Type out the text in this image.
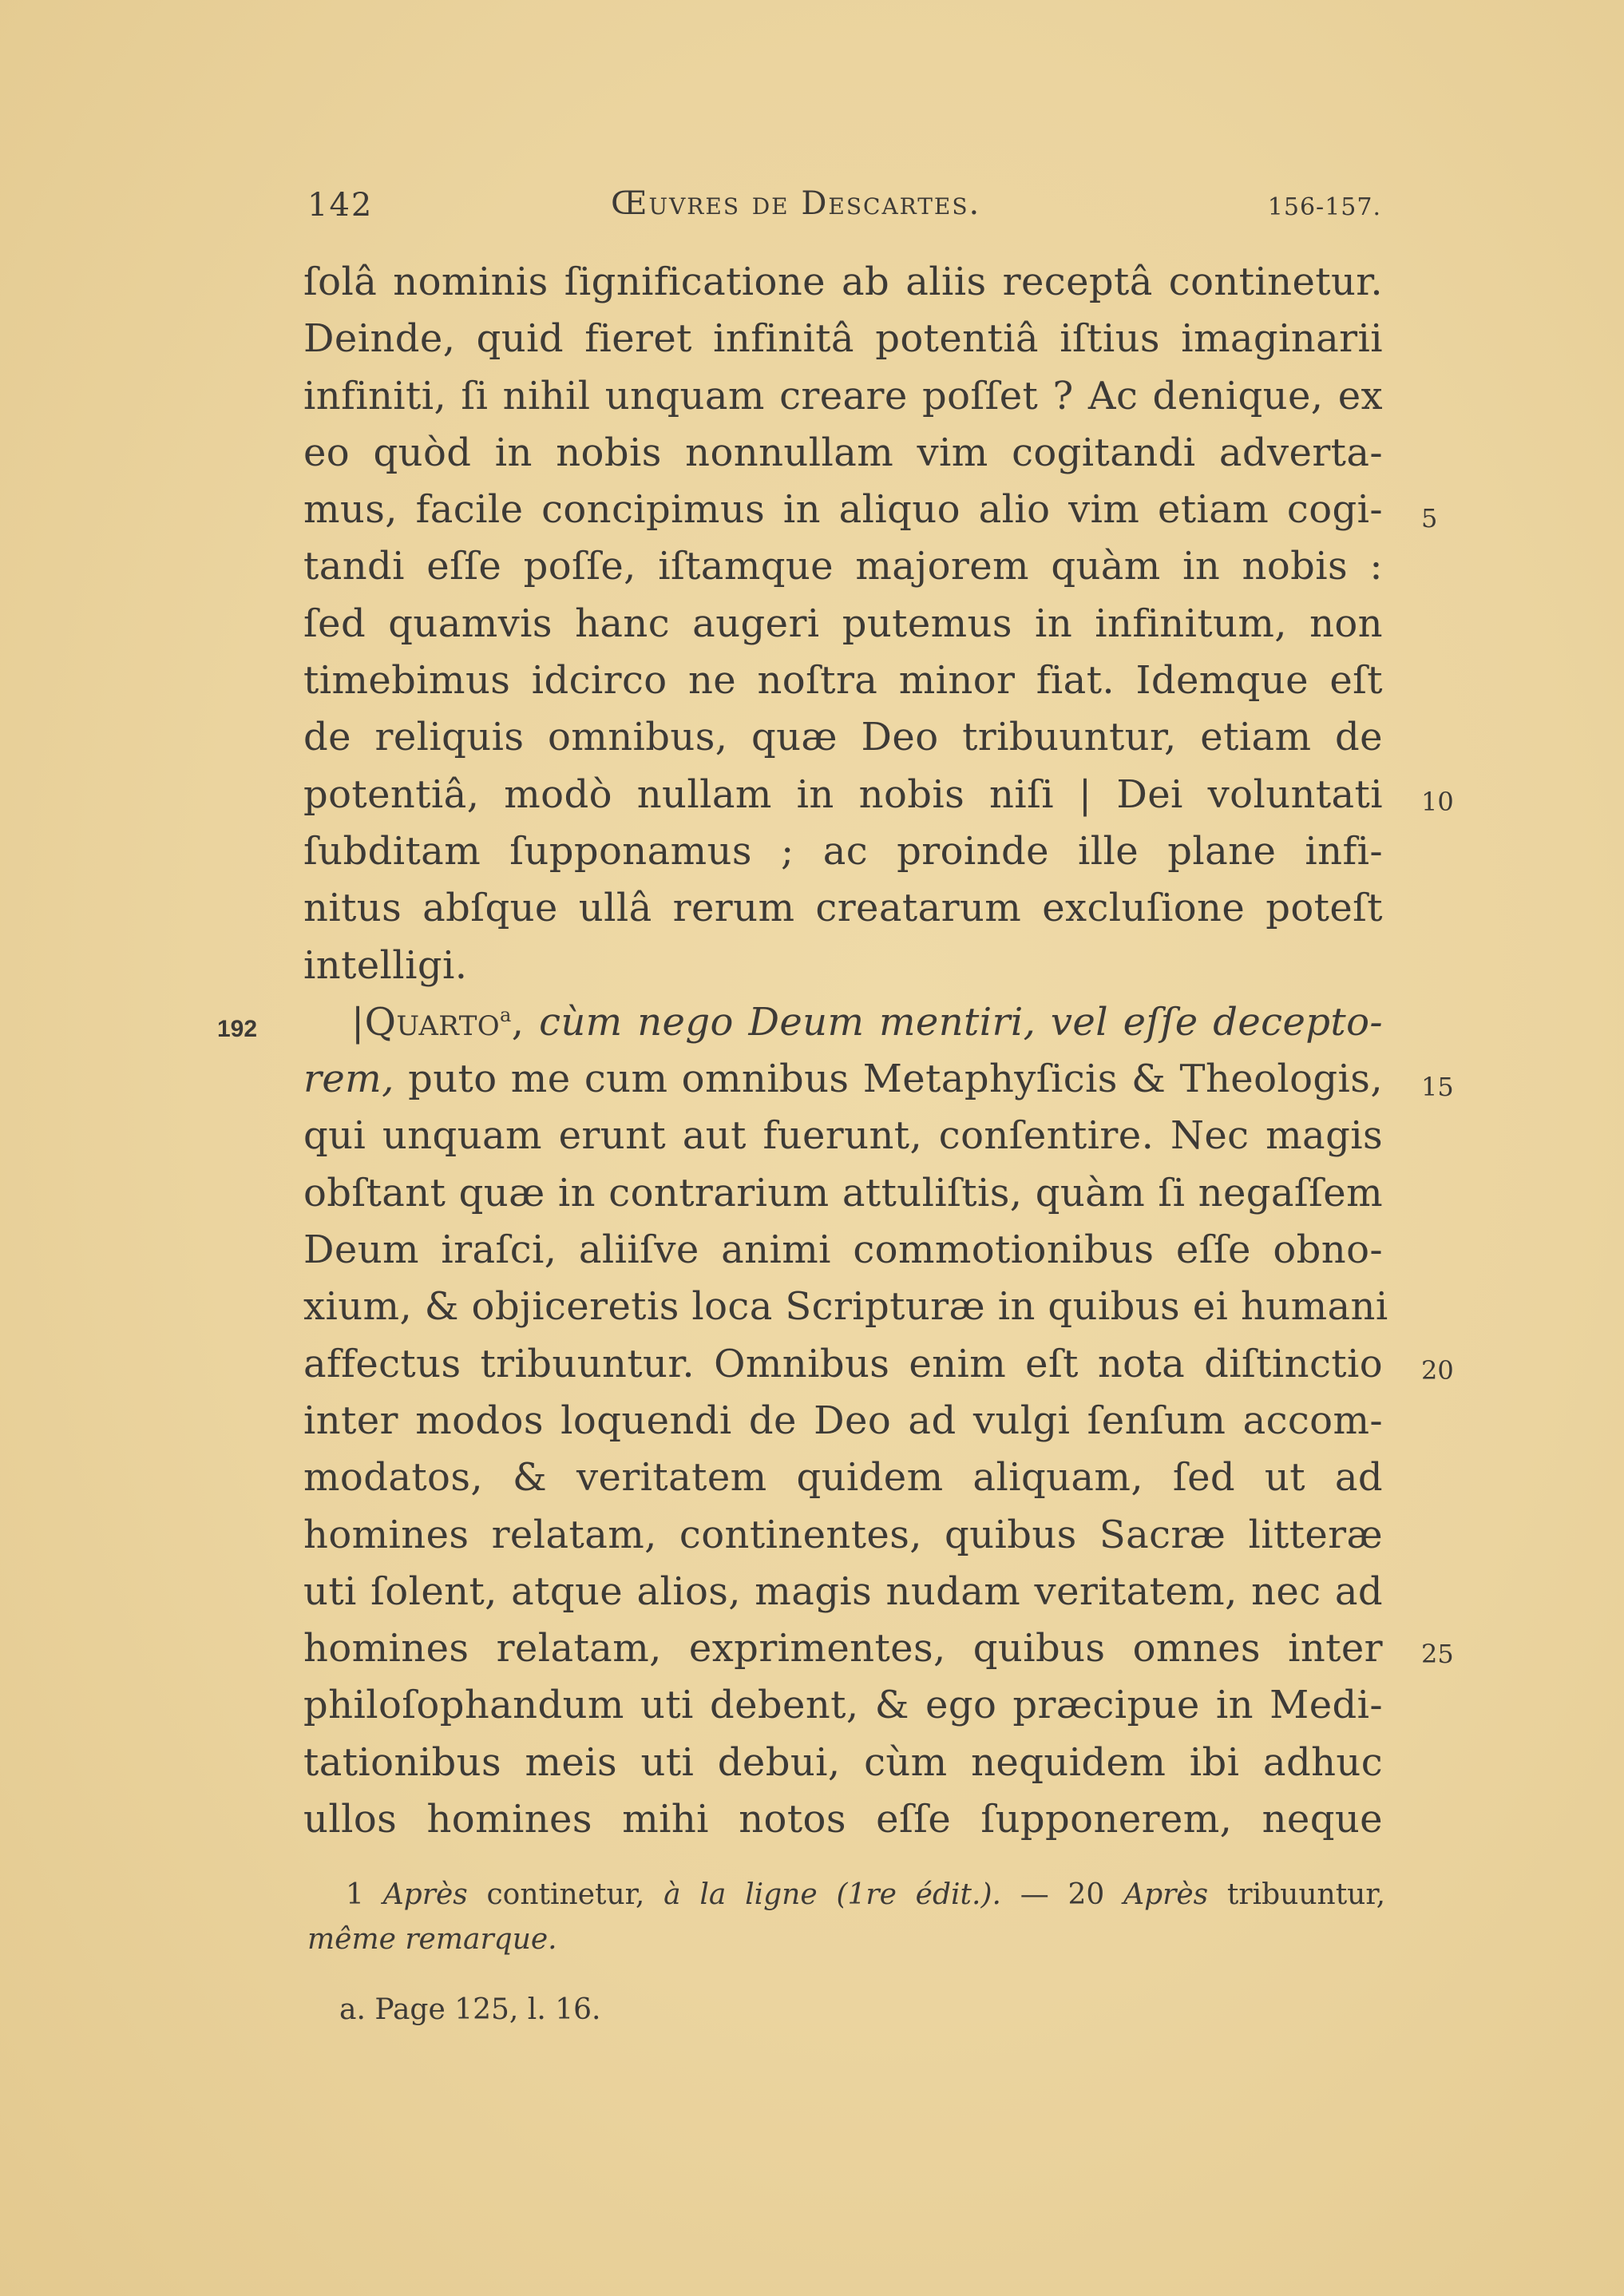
142	Œuvres de Descartes.	156-157.
ſolâ nominis ſignificatione ab aliis receptâ continetur.
Deinde, quid fieret infinitâ potentiâ iſtius imaginarii
infiniti, ſi nihil unquam creare poſſet ? Ac denique, ex
eo quòd in nobis nonnullam vim cogitandi adverta-
mus, facile concipimus in aliquo alio vim etiam cogi-
tandi eſſe poſſe, iſtamque majorem quàm in nobis :
ſed quamvis hanc augeri putemus in infinitum, non
timebimus idcirco ne noſtra minor fiat. Idemque eſt
de reliquis omnibus, quæ Deo tribuuntur, etiam de
potentiâ, modò nullam in nobis niſi | Dei voluntati
ſubditam ſupponamus ; ac proinde ille plane infi-
nitus abſque ullâ rerum creatarum excluſione poteſt
intelligi.
|Quarto$^a$, cùm nego Deum mentiri, vel eſſe decepto-
rem, puto me cum omnibus Metaphyſicis & Theologis,
qui unquam erunt aut fuerunt, conſentire. Nec magis
obſtant quæ in contrarium attuliſtis, quàm ſi negaſſem
Deum iraſci, aliiſve animi commotionibus eſſe obno-
xium, & objiceretis loca Scripturæ in quibus ei humani
affectus tribuuntur. Omnibus enim eſt nota diſtinctio
inter modos loquendi de Deo ad vulgi ſenſum accom-
modatos, & veritatem quidem aliquam, ſed ut ad
homines relatam, continentes, quibus Sacræ litteræ
uti ſolent, atque alios, magis nudam veritatem, nec ad
homines relatam, exprimentes, quibus omnes inter
philoſophandum uti debent, & ego præcipue in Medi-
tationibus meis uti debui, cùm nequidem ibi adhuc
ullos homines mihi notos eſſe ſupponerem, neque
5
10
15
20
25
192
1 Après continetur, à la ligne (1re édit.). — 20 Après tribuuntur,
même remarque.
a. Page 125, l. 16.
